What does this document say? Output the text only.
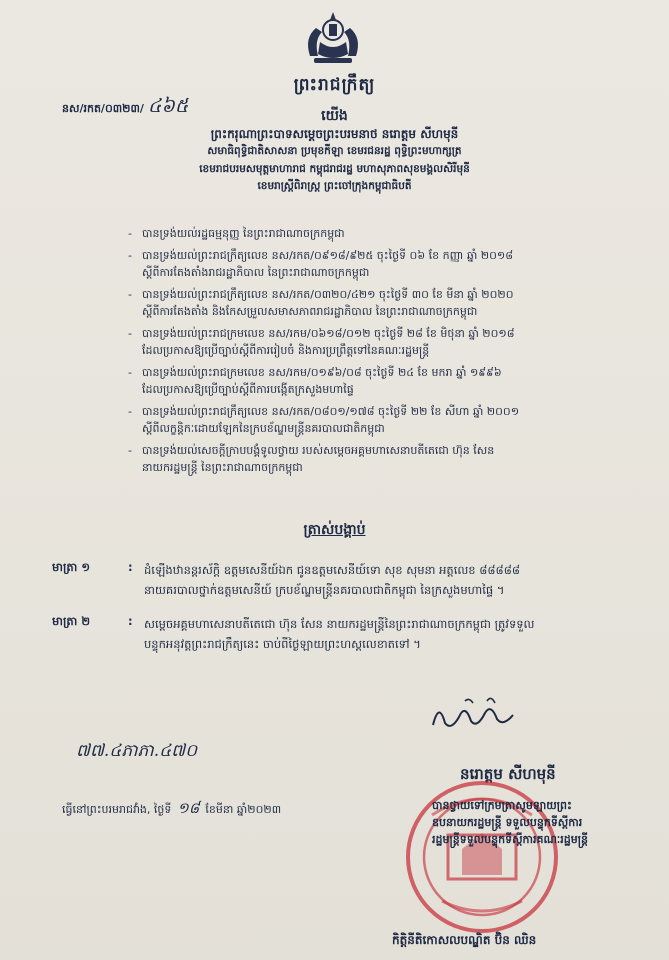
ព្រះរាជក្រឹត្យ
នស/រកត/០៣២៣/ ៤៦៥	យើង
ព្រះករុណាព្រះបាទសម្តេចព្រះបរមនាថ នរោត្តម សីហមុនី
សមាធិពុទ្ធិជាតិសាសនា ប្រមុខកីឡា ខេមរជនរដ្ឋ ពុទ្ធិព្រះមហាក្សត្រ
ខេមរាជបរមសមុត្តមាហារាជ កម្ពុជរាជរដ្ឋ មហាសុភាពសុខមង្គលសិរីមុនី
ខេមរាស្ត្រីពិរាស្ត្រ ព្រះចៅក្រុងកម្ពុជាធិបតី
- បានទ្រង់យល់រដ្ឋធម្មនុញ្ញ នៃព្រះរាជាណាចក្រកម្ពុជា
- បានទ្រង់យល់ព្រះរាជក្រឹត្យលេខ នស/រកត/០៩១៨/៩២៥ ចុះថ្ងៃទី ០៦ ខែ កញ្ញា ឆ្នាំ ២០១៨
ស្តីពីការតែងតាំងរាជរដ្ឋាភិបាល នៃព្រះរាជាណាចក្រកម្ពុជា
- បានទ្រង់យល់ព្រះរាជក្រឹត្យលេខ នស/រកត/០៣២០/៤២១ ចុះថ្ងៃទី ៣០ ខែ មីនា ឆ្នាំ ២០២០
ស្តីពីការតែងតាំង និងកែសម្រួលសមាសភាពរាជរដ្ឋាភិបាល នៃព្រះរាជាណាចក្រកម្ពុជា
- បានទ្រង់យល់ព្រះរាជក្រមលេខ នស/រកម/០៦១៨/០១២ ចុះថ្ងៃទី ២៨ ខែ មិថុនា ឆ្នាំ ២០១៨
ដែលប្រកាសឱ្យប្រើច្បាប់ស្តីពីការរៀបចំ និងការប្រព្រឹត្តទៅនៃគណៈរដ្ឋមន្ត្រី
- បានទ្រង់យល់ព្រះរាជក្រមលេខ នស/រកម/០១៩៦/០៨ ចុះថ្ងៃទី ២៤ ខែ មករា ឆ្នាំ ១៩៩៦
ដែលប្រកាសឱ្យប្រើច្បាប់ស្តីពីការបង្កើតក្រសួងមហាផ្ទៃ
- បានទ្រង់យល់ព្រះរាជក្រឹត្យលេខ នស/រកត/០៨០១/១៧៨ ចុះថ្ងៃទី ២២ ខែ សីហា ឆ្នាំ ២០០១
ស្តីពីលក្ខន្តិកៈដោយឡែកនៃក្របខ័ណ្ឌមន្ត្រីនគរបាលជាតិកម្ពុជា
- បានទ្រង់យល់សេចក្តីក្រាបបង្គំទូលថ្វាយ របស់សម្តេចអគ្គមហាសេនាបតីតេជោ ហ៊ុន សែន
នាយករដ្ឋមន្ត្រី នៃព្រះរាជាណាចក្រកម្ពុជា
ត្រាស់បង្គាប់
មាត្រា ១	: ដំឡើងឋានន្តរស័ក្តិ ឧត្តមសេនីយ៍ឯក ជូនឧត្តមសេនីយ៍ទោ សុខ សុមនា អត្តលេខ ៨៨៨៨៨
នាយគរបាលថ្នាក់ឧត្តមសេនីយ៍ ក្របខ័ណ្ឌមន្ត្រីនគរបាលជាតិកម្ពុជា នៃក្រសួងមហាផ្ទៃ ។
មាត្រា ២	: សម្តេចអគ្គមហាសេនាបតីតេជោ ហ៊ុន សែន នាយករដ្ឋមន្ត្រីនៃព្រះរាជាណាចក្រកម្ពុជា ត្រូវទទួល
បន្ទុកអនុវត្តព្រះរាជក្រឹត្យនេះ ចាប់ពីថ្ងៃឡាយព្រះហស្តលេខាតទៅ ។
៧៧.៤ភាភា.៤៧០
នរោត្តម សីហមុនី
ធ្វើនៅព្រះបរមរាជវាំង, ថ្ងៃទី ១៨ ខែមីនា ឆ្នាំ២០២៣	បានថ្វាយទៅក្រមត្រាសូមឡាយព្រះ
ឧបនាយករដ្ឋមន្ត្រី ទទួលបន្ទុកទីស្តីការ
រដ្ឋមន្ត្រីទទួលបន្ទុកទីស្តីការគណៈរដ្ឋមន្ត្រី
កិត្តិនីតិកោសលបណ្ឌិត ប៊ិន ឈិន
